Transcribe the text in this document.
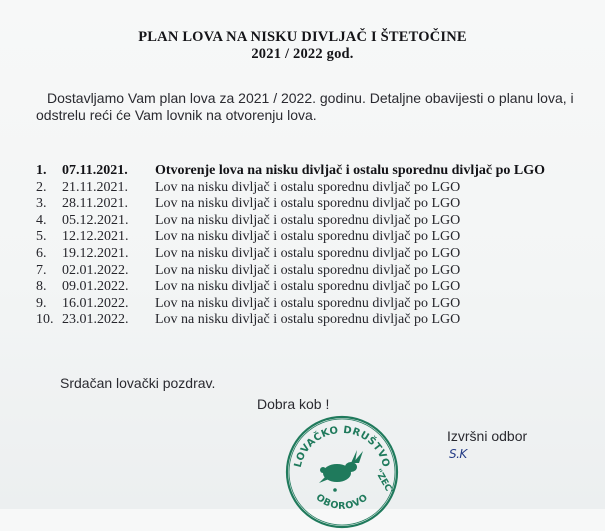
PLAN LOVA NA NISKU DIVLJAČ I ŠTETOČINE
2021 / 2022 god.
Dostavljamo Vam plan lova za 2021 / 2022. godinu. Detaljne obavijesti o planu lova, i
odstrelu reći će Vam lovnik na otvorenju lova.
1. 07.11.2021. Otvorenje lova na nisku divljač i ostalu sporednu divljač po LGO
2. 21.11.2021. Lov na nisku divljač i ostalu sporednu divljač po LGO
3. 28.11.2021. Lov na nisku divljač i ostalu sporednu divljač po LGO
4. 05.12.2021. Lov na nisku divljač i ostalu sporednu divljač po LGO
5. 12.12.2021. Lov na nisku divljač i ostalu sporednu divljač po LGO
6. 19.12.2021. Lov na nisku divljač i ostalu sporednu divljač po LGO
7. 02.01.2022. Lov na nisku divljač i ostalu sporednu divljač po LGO
8. 09.01.2022. Lov na nisku divljač i ostalu sporednu divljač po LGO
9. 16.01.2022. Lov na nisku divljač i ostalu sporednu divljač po LGO
10. 23.01.2022. Lov na nisku divljač i ostalu sporednu divljač po LGO
Srdačan lovački pozdrav.
Dobra kob !
Izvršni odbor
S.K
LOVAČKO DRUŠTVO
"ZEC"
OBOROVO
